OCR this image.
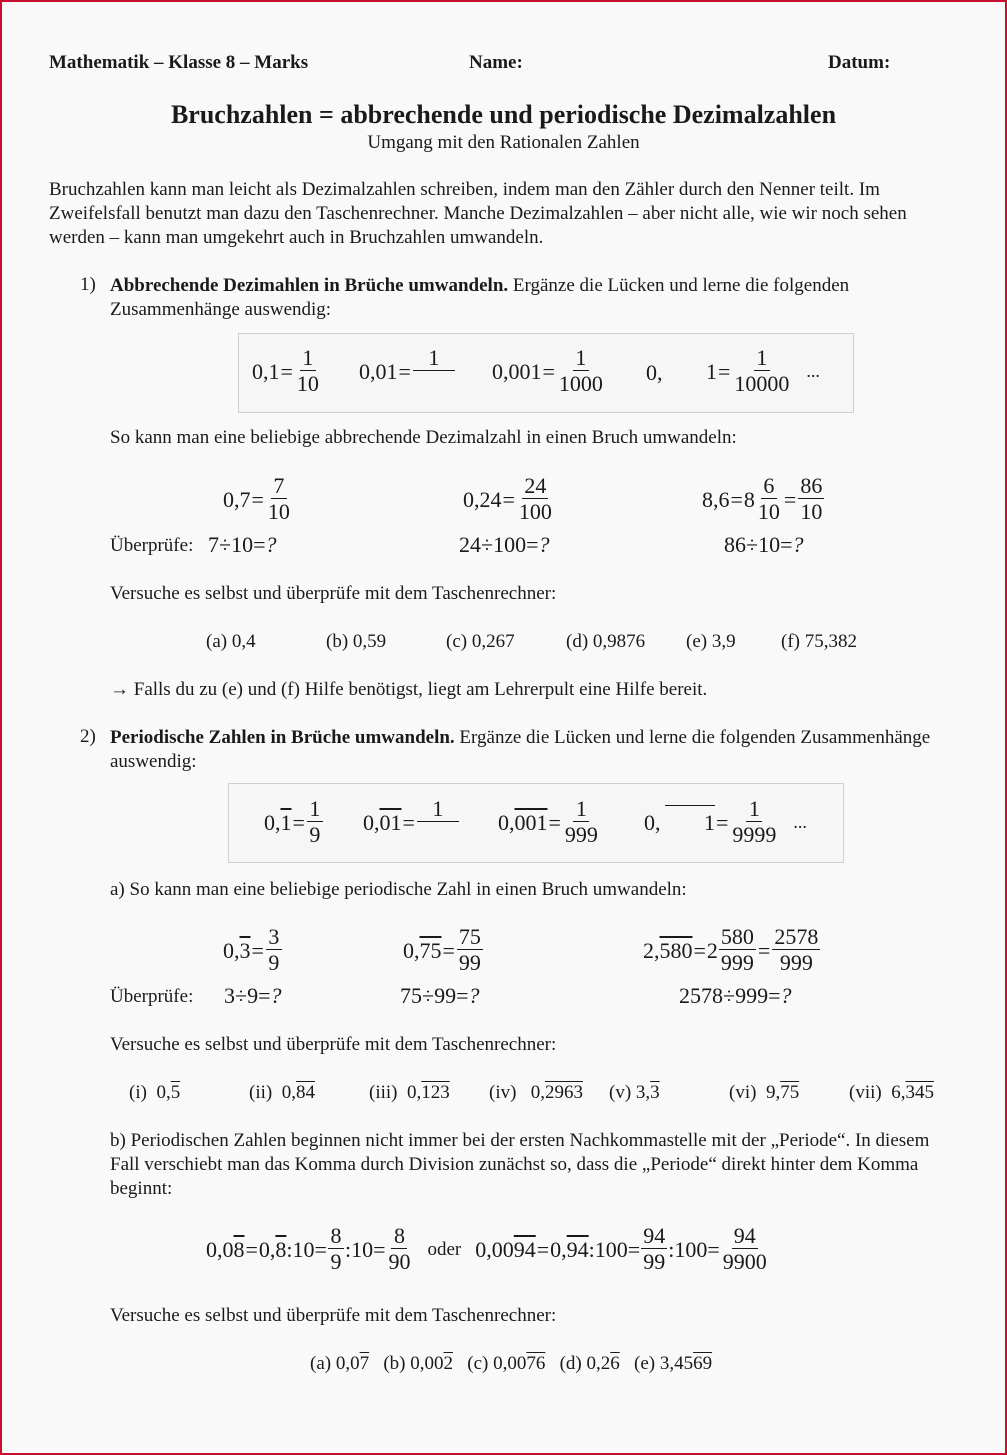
Mathematik – Klasse 8 – Marks	Name:	Datum:
Bruchzahlen = abbrechende und periodische Dezimalzahlen
Umgang mit den Rationalen Zahlen
Bruchzahlen kann man leicht als Dezimalzahlen schreiben, indem man den Zähler durch den Nenner teilt. Im Zweifelsfall benutzt man dazu den Taschenrechner. Manche Dezimalzahlen – aber nicht alle, wie wir noch sehen werden – kann man umgekehrt auch in Bruchzahlen umwandeln.
1) Abbrechende Dezimahlen in Brüche umwandeln. Ergänze die Lücken und lerne die folgenden Zusammenhänge auswendig:
$0,1 = \frac{1}{10} 0,01$ =
1

$0,001 = \frac{1}{1000} 0$, $1 = \frac{1}{10000}$ ...
So kann man eine beliebige abbrechende Dezimalzahl in einen Bruch umwandeln:
$0,7 = \frac{7}{10}$	$0,24 = \frac{24}{100}$	$8,6 = 8 \frac{6}{10} = \frac{86}{10}$
Überprüfe: 7÷10= ?	24÷100= ?	86÷10= ?
Versuche es selbst und überprüfe mit dem Taschenrechner:
(a) 0,4	(b) 0,59	(c) 0,267	(d) 0,9876 (e) 3,9 (f) 75,382
→ Falls du zu (e) und (f) Hilfe benötigst, liegt am Lehrerpult eine Hilfe bereit.
2) Periodische Zahlen in Brüche umwandeln. Ergänze die Lücken und lerne die folgenden Zusammenhänge auswendig:
0, $1 = \frac{1}{9} 0$, 01 =
1

0, $001 = \frac{1}{999} 0$, $1 = \frac{1}{9999}$ ...
a) So kann man eine beliebige periodische Zahl in einen Bruch umwandeln:
0, $3 = \frac{3}{9}$	0, $75 = \frac{75}{99}$	2, $580 = 2 \frac{580}{999} = \frac{2578}{999}$
Überprüfe: 3÷9= ?	75÷99= ?	2578÷999= ?
Versuche es selbst und überprüfe mit dem Taschenrechner:
(i) 0,5	(ii) 0,84	(iii) 0,123 (iv) 0,2963 (v) 3,3	(vi) 9,75	(vii) 6,345
b) Periodischen Zahlen beginnen nicht immer bei der ersten Nachkommastelle mit der „Periode“. In diesem Fall verschiebt man das Komma durch Division zunächst so, dass die „Periode“ direkt hinter dem Komma beginnt:
0,0 8 = 0, 8 :10= $\frac{8}{9}$ :10= $\frac{8}{90}$ oder 0,00 94 = 0, 94 :100= $\frac{94}{99}$ :100= $\frac{94}{9900}$
Versuche es selbst und überprüfe mit dem Taschenrechner:
(a) 0,07 (b) 0,002 (c) 0,0076 (d) 0,26 (e) 3,4569
